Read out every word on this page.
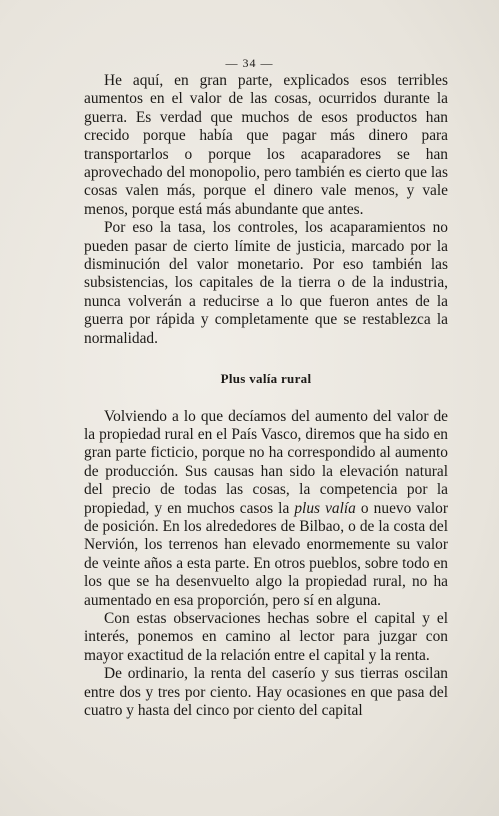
— 34 —

He aquí, en gran parte, explicados esos terribles aumentos en el valor de las cosas, ocurridos durante la guerra. Es verdad que muchos de esos productos han crecido porque había que pagar más dinero para transportarlos o porque los acaparadores se han aprovechado del monopolio, pero también es cierto que las cosas valen más, porque el dinero vale menos, y vale menos, porque está más abundante que antes.

Por eso la tasa, los controles, los acaparamientos no pueden pasar de cierto límite de justicia, marcado por la disminución del valor monetario. Por eso también las subsistencias, los capitales de la tierra o de la industria, nunca volverán a reducirse a lo que fueron antes de la guerra por rápida y completamente que se restablezca la normalidad.

Plus valía rural

Volviendo a lo que decíamos del aumento del valor de la propiedad rural en el País Vasco, diremos que ha sido en gran parte ficticio, porque no ha correspondido al aumento de producción. Sus causas han sido la elevación natural del precio de todas las cosas, la competencia por la propiedad, y en muchos casos la plus valía o nuevo valor de posición. En los alrededores de Bilbao, o de la costa del Nervión, los terrenos han elevado enormemente su valor de veinte años a esta parte. En otros pueblos, sobre todo en los que se ha desenvuelto algo la propiedad rural, no ha aumentado en esa proporción, pero sí en alguna.

Con estas observaciones hechas sobre el capital y el interés, ponemos en camino al lector para juzgar con mayor exactitud de la relación entre el capital y la renta.

De ordinario, la renta del caserío y sus tierras oscilan entre dos y tres por ciento. Hay ocasiones en que pasa del cuatro y hasta del cinco por ciento del capital
